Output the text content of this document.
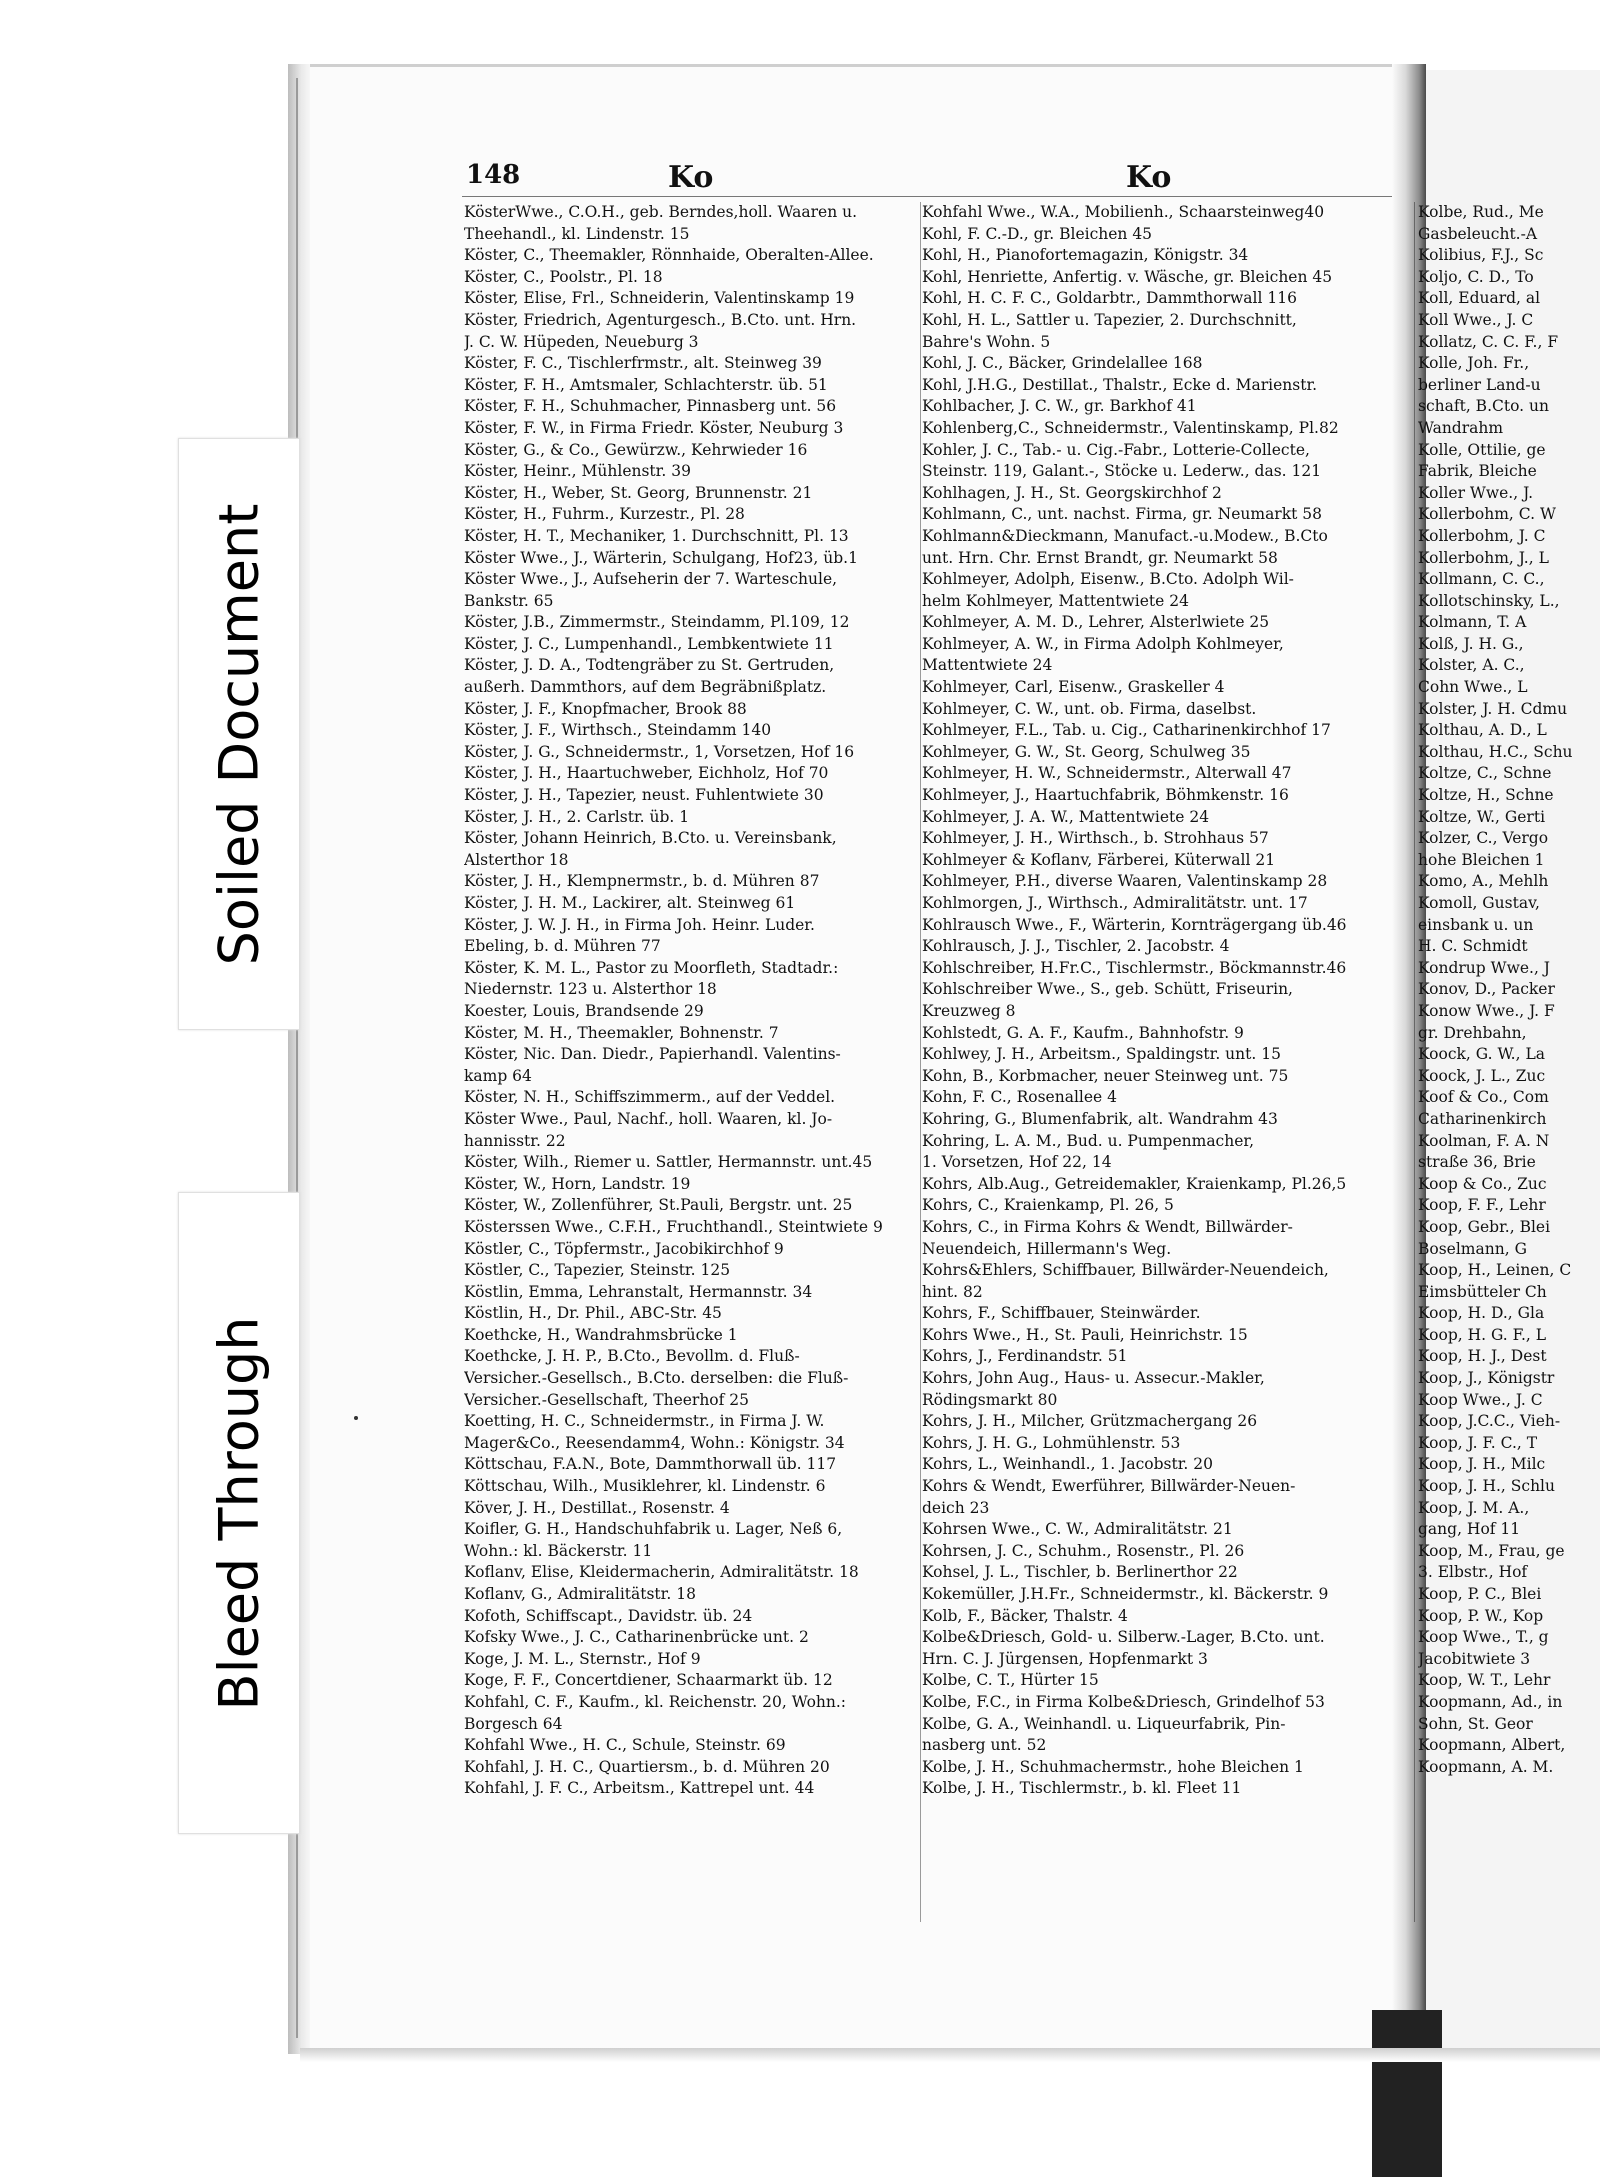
Soiled Document
Bleed Through
148	Ko	Ko
KösterWwe., C.O.H., geb. Berndes,holl. Waaren u.
Theehandl., kl. Lindenstr. 15
Köster, C., Theemakler, Rönnhaide, Oberalten-Allee.
Köster, C., Poolstr., Pl. 18
Köster, Elise, Frl., Schneiderin, Valentinskamp 19
Köster, Friedrich, Agenturgesch., B.Cto. unt. Hrn.
J. C. W. Hüpeden, Neueburg 3
Köster, F. C., Tischlerfrmstr., alt. Steinweg 39
Köster, F. H., Amtsmaler, Schlachterstr. üb. 51
Köster, F. H., Schuhmacher, Pinnasberg unt. 56
Köster, F. W., in Firma Friedr. Köster, Neuburg 3
Köster, G., & Co., Gewürzw., Kehrwieder 16
Köster, Heinr., Mühlenstr. 39
Köster, H., Weber, St. Georg, Brunnenstr. 21
Köster, H., Fuhrm., Kurzestr., Pl. 28
Köster, H. T., Mechaniker, 1. Durchschnitt, Pl. 13
Köster Wwe., J., Wärterin, Schulgang, Hof23, üb.1
Köster Wwe., J., Aufseherin der 7. Warteschule,
Bankstr. 65
Köster, J.B., Zimmermstr., Steindamm, Pl.109, 12
Köster, J. C., Lumpenhandl., Lembkentwiete 11
Köster, J. D. A., Todtengräber zu St. Gertruden,
außerh. Dammthors, auf dem Begräbnißplatz.
Köster, J. F., Knopfmacher, Brook 88
Köster, J. F., Wirthsch., Steindamm 140
Köster, J. G., Schneidermstr., 1, Vorsetzen, Hof 16
Köster, J. H., Haartuchweber, Eichholz, Hof 70
Köster, J. H., Tapezier, neust. Fuhlentwiete 30
Köster, J. H., 2. Carlstr. üb. 1
Köster, Johann Heinrich, B.Cto. u. Vereinsbank,
Alsterthor 18
Köster, J. H., Klempnermstr., b. d. Mühren 87
Köster, J. H. M., Lackirer, alt. Steinweg 61
Köster, J. W. J. H., in Firma Joh. Heinr. Luder.
Ebeling, b. d. Mühren 77
Köster, K. M. L., Pastor zu Moorfleth, Stadtadr.:
Niedernstr. 123 u. Alsterthor 18
Koester, Louis, Brandsende 29
Köster, M. H., Theemakler, Bohnenstr. 7
Köster, Nic. Dan. Diedr., Papierhandl. Valentins-
kamp 64
Köster, N. H., Schiffszimmerm., auf der Veddel.
Köster Wwe., Paul, Nachf., holl. Waaren, kl. Jo-
hannisstr. 22
Köster, Wilh., Riemer u. Sattler, Hermannstr. unt.45
Köster, W., Horn, Landstr. 19
Köster, W., Zollenführer, St.Pauli, Bergstr. unt. 25
Kösterssen Wwe., C.F.H., Fruchthandl., Steintwiete 9
Köstler, C., Töpfermstr., Jacobikirchhof 9
Köstler, C., Tapezier, Steinstr. 125
Köstlin, Emma, Lehranstalt, Hermannstr. 34
Köstlin, H., Dr. Phil., ABC-Str. 45
Koethcke, H., Wandrahmsbrücke 1
Koethcke, J. H. P., B.Cto., Bevollm. d. Fluß-
Versicher.-Gesellsch., B.Cto. derselben: die Fluß-
Versicher.-Gesellschaft, Theerhof 25
Koetting, H. C., Schneidermstr., in Firma J. W.
Mager&Co., Reesendamm4, Wohn.: Königstr. 34
Köttschau, F.A.N., Bote, Dammthorwall üb. 117
Köttschau, Wilh., Musiklehrer, kl. Lindenstr. 6
Köver, J. H., Destillat., Rosenstr. 4
Koifler, G. H., Handschuhfabrik u. Lager, Neß 6,
Wohn.: kl. Bäckerstr. 11
Koflanv, Elise, Kleidermacherin, Admiralitätstr. 18
Koflanv, G., Admiralitätstr. 18
Kofoth, Schiffscapt., Davidstr. üb. 24
Kofsky Wwe., J. C., Catharinenbrücke unt. 2
Koge, J. M. L., Sternstr., Hof 9
Koge, F. F., Concertdiener, Schaarmarkt üb. 12
Kohfahl, C. F., Kaufm., kl. Reichenstr. 20, Wohn.:
Borgesch 64
Kohfahl Wwe., H. C., Schule, Steinstr. 69
Kohfahl, J. H. C., Quartiersm., b. d. Mühren 20
Kohfahl, J. F. C., Arbeitsm., Kattrepel unt. 44
Kohfahl Wwe., W.A., Mobilienh., Schaarsteinweg40
Kohl, F. C.-D., gr. Bleichen 45
Kohl, H., Pianofortemagazin, Königstr. 34
Kohl, Henriette, Anfertig. v. Wäsche, gr. Bleichen 45
Kohl, H. C. F. C., Goldarbtr., Dammthorwall 116
Kohl, H. L., Sattler u. Tapezier, 2. Durchschnitt,
Bahre's Wohn. 5
Kohl, J. C., Bäcker, Grindelallee 168
Kohl, J.H.G., Destillat., Thalstr., Ecke d. Marienstr.
Kohlbacher, J. C. W., gr. Barkhof 41
Kohlenberg,C., Schneidermstr., Valentinskamp, Pl.82
Kohler, J. C., Tab.- u. Cig.-Fabr., Lotterie-Collecte,
Steinstr. 119, Galant.-, Stöcke u. Lederw., das. 121
Kohlhagen, J. H., St. Georgskirchhof 2
Kohlmann, C., unt. nachst. Firma, gr. Neumarkt 58
Kohlmann&Dieckmann, Manufact.-u.Modew., B.Cto
unt. Hrn. Chr. Ernst Brandt, gr. Neumarkt 58
Kohlmeyer, Adolph, Eisenw., B.Cto. Adolph Wil-
helm Kohlmeyer, Mattentwiete 24
Kohlmeyer, A. M. D., Lehrer, Alsterlwiete 25
Kohlmeyer, A. W., in Firma Adolph Kohlmeyer,
Mattentwiete 24
Kohlmeyer, Carl, Eisenw., Graskeller 4
Kohlmeyer, C. W., unt. ob. Firma, daselbst.
Kohlmeyer, F.L., Tab. u. Cig., Catharinenkirchhof 17
Kohlmeyer, G. W., St. Georg, Schulweg 35
Kohlmeyer, H. W., Schneidermstr., Alterwall 47
Kohlmeyer, J., Haartuchfabrik, Böhmkenstr. 16
Kohlmeyer, J. A. W., Mattentwiete 24
Kohlmeyer, J. H., Wirthsch., b. Strohhaus 57
Kohlmeyer & Koflanv, Färberei, Küterwall 21
Kohlmeyer, P.H., diverse Waaren, Valentinskamp 28
Kohlmorgen, J., Wirthsch., Admiralitätstr. unt. 17
Kohlrausch Wwe., F., Wärterin, Kornträgergang üb.46
Kohlrausch, J. J., Tischler, 2. Jacobstr. 4
Kohlschreiber, H.Fr.C., Tischlermstr., Böckmannstr.46
Kohlschreiber Wwe., S., geb. Schütt, Friseurin,
Kreuzweg 8
Kohlstedt, G. A. F., Kaufm., Bahnhofstr. 9
Kohlwey, J. H., Arbeitsm., Spaldingstr. unt. 15
Kohn, B., Korbmacher, neuer Steinweg unt. 75
Kohn, F. C., Rosenallee 4
Kohring, G., Blumenfabrik, alt. Wandrahm 43
Kohring, L. A. M., Bud. u. Pumpenmacher,
1. Vorsetzen, Hof 22, 14
Kohrs, Alb.Aug., Getreidemakler, Kraienkamp, Pl.26,5
Kohrs, C., Kraienkamp, Pl. 26, 5
Kohrs, C., in Firma Kohrs & Wendt, Billwärder-
Neuendeich, Hillermann's Weg.
Kohrs&Ehlers, Schiffbauer, Billwärder-Neuendeich,
hint. 82
Kohrs, F., Schiffbauer, Steinwärder.
Kohrs Wwe., H., St. Pauli, Heinrichstr. 15
Kohrs, J., Ferdinandstr. 51
Kohrs, John Aug., Haus- u. Assecur.-Makler,
Rödingsmarkt 80
Kohrs, J. H., Milcher, Grützmachergang 26
Kohrs, J. H. G., Lohmühlenstr. 53
Kohrs, L., Weinhandl., 1. Jacobstr. 20
Kohrs & Wendt, Ewerführer, Billwärder-Neuen-
deich 23
Kohrsen Wwe., C. W., Admiralitätstr. 21
Kohrsen, J. C., Schuhm., Rosenstr., Pl. 26
Kohsel, J. L., Tischler, b. Berlinerthor 22
Kokemüller, J.H.Fr., Schneidermstr., kl. Bäckerstr. 9
Kolb, F., Bäcker, Thalstr. 4
Kolbe&Driesch, Gold- u. Silberw.-Lager, B.Cto. unt.
Hrn. C. J. Jürgensen, Hopfenmarkt 3
Kolbe, C. T., Hürter 15
Kolbe, F.C., in Firma Kolbe&Driesch, Grindelhof 53
Kolbe, G. A., Weinhandl. u. Liqueurfabrik, Pin-
nasberg unt. 52
Kolbe, J. H., Schuhmachermstr., hohe Bleichen 1
Kolbe, J. H., Tischlermstr., b. kl. Fleet 11
Kolbe, Rud., Me
Gasbeleucht.-A
Kolibius, F.J., Sc
Koljo, C. D., To
Koll, Eduard, al
Koll Wwe., J. C
Kollatz, C. C. F., F
Kolle, Joh. Fr.,
berliner Land-u
schaft, B.Cto. un
Wandrahm
Kolle, Ottilie, ge
Fabrik, Bleiche
Koller Wwe., J.
Kollerbohm, C. W
Kollerbohm, J. C
Kollerbohm, J., L
Kollmann, C. C.,
Kollotschinsky, L.,
Kolmann, T. A
Kolß, J. H. G.,
Kolster, A. C.,
Cohn Wwe., L
Kolster, J. H. Cdmu
Kolthau, A. D., L
Kolthau, H.C., Schu
Koltze, C., Schne
Koltze, H., Schne
Koltze, W., Gerti
Kolzer, C., Vergo
hohe Bleichen 1
Komo, A., Mehlh
Komoll, Gustav,
einsbank u. un
H. C. Schmidt
Kondrup Wwe., J
Konov, D., Packer
Konow Wwe., J. F
gr. Drehbahn,
Koock, G. W., La
Koock, J. L., Zuc
Koof & Co., Com
Catharinenkirch
Koolman, F. A. N
straße 36, Brie
Koop & Co., Zuc
Koop, F. F., Lehr
Koop, Gebr., Blei
Boselmann, G
Koop, H., Leinen, C
Eimsbütteler Ch
Koop, H. D., Gla
Koop, H. G. F., L
Koop, H. J., Dest
Koop, J., Königstr
Koop Wwe., J. C
Koop, J.C.C., Vieh-
Koop, J. F. C., T
Koop, J. H., Milc
Koop, J. H., Schlu
Koop, J. M. A.,
gang, Hof 11
Koop, M., Frau, ge
3. Elbstr., Hof
Koop, P. C., Blei
Koop, P. W., Kop
Koop Wwe., T., g
Jacobitwiete 3
Koop, W. T., Lehr
Koopmann, Ad., in
Sohn, St. Geor
Koopmann, Albert,
Koopmann, A. M.
